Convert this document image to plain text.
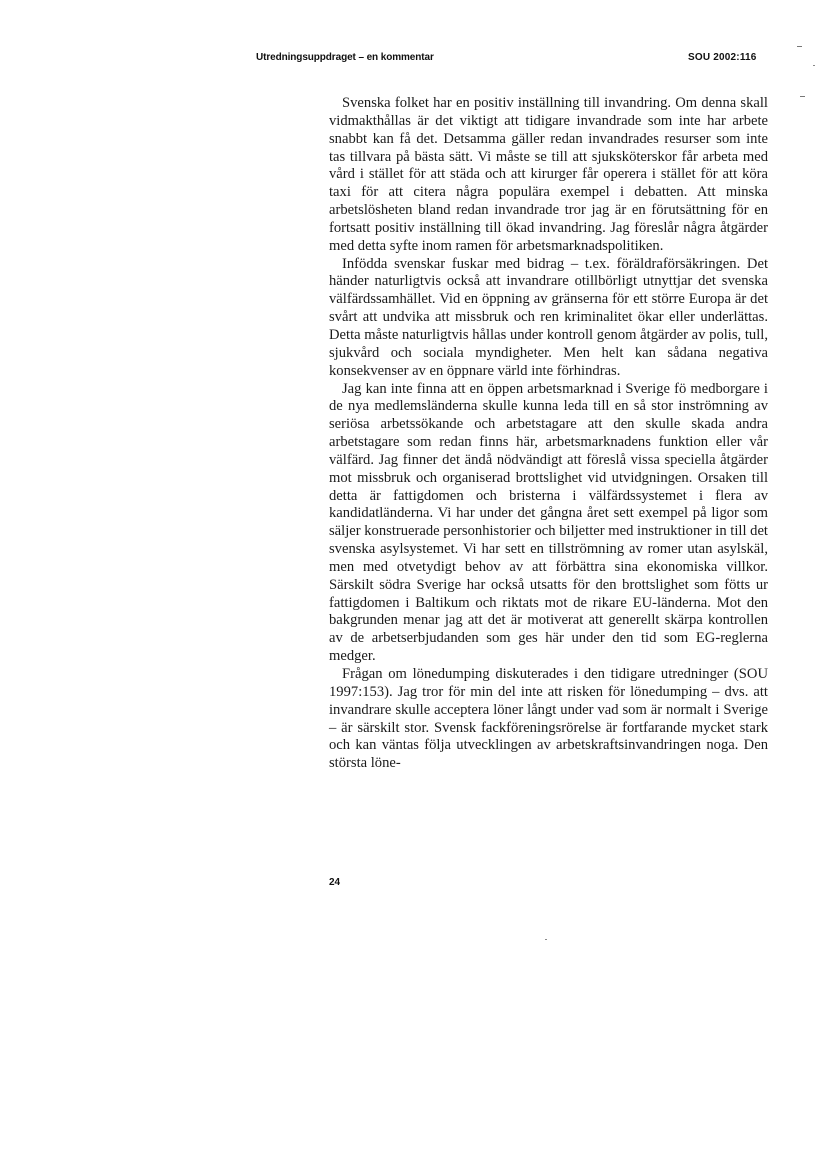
Utredningsuppdraget – en kommentar	SOU 2002:116

Svenska folket har en positiv inställning till invandring. Om denna skall vidmakthållas är det viktigt att tidigare invandrade som inte har arbete snabbt kan få det. Detsamma gäller redan invandrades resurser som inte tas tillvara på bästa sätt. Vi måste se till att sjuksköterskor får arbeta med vård i stället för att städa och att kirurger får operera i stället för att köra taxi för att citera några populära exempel i debatten. Att minska arbetslösheten bland redan invandrade tror jag är en förutsättning för en fortsatt positiv inställning till ökad invandring. Jag föreslår några åtgärder med detta syfte inom ramen för arbetsmarknadspolitiken.

Infödda svenskar fuskar med bidrag – t.ex. föräldraförsäkringen. Det händer naturligtvis också att invandrare otillbörligt utnyttjar det svenska välfärdssamhället. Vid en öppning av gränserna för ett större Europa är det svårt att undvika att missbruk och ren kriminalitet ökar eller underlättas. Detta måste naturligtvis hållas under kontroll genom åtgärder av polis, tull, sjukvård och sociala myndigheter. Men helt kan sådana negativa konsekvenser av en öppnare värld inte förhindras.

Jag kan inte finna att en öppen arbetsmarknad i Sverige fö medborgare i de nya medlemsländerna skulle kunna leda till en så stor inströmning av seriösa arbetssökande och arbetstagare att den skulle skada andra arbetstagare som redan finns här, arbetsmarknadens funktion eller vår välfärd. Jag finner det ändå nödvändigt att föreslå vissa speciella åtgärder mot missbruk och organiserad brottslighet vid utvidgningen. Orsaken till detta är fattigdomen och bristerna i välfärdssystemet i flera av kandidatländerna. Vi har under det gångna året sett exempel på ligor som säljer konstruerade personhistorier och biljetter med instruktioner in till det svenska asylsystemet. Vi har sett en tillströmning av romer utan asylskäl, men med otvetydigt behov av att förbättra sina ekonomiska villkor. Särskilt södra Sverige har också utsatts för den brottslighet som fötts ur fattigdomen i Baltikum och riktats mot de rikare EU-länderna. Mot den bakgrunden menar jag att det är motiverat att generellt skärpa kontrollen av de arbetserbjudanden som ges här under den tid som EG-reglerna medger.

Frågan om lönedumping diskuterades i den tidigare utredninger (SOU 1997:153). Jag tror för min del inte att risken för lönedumping – dvs. att invandrare skulle acceptera löner långt under vad som är normalt i Sverige – är särskilt stor. Svensk fackföreningsrörelse är fortfarande mycket stark och kan väntas följa utvecklingen av arbetskraftsinvandringen noga. Den största löne-

24
